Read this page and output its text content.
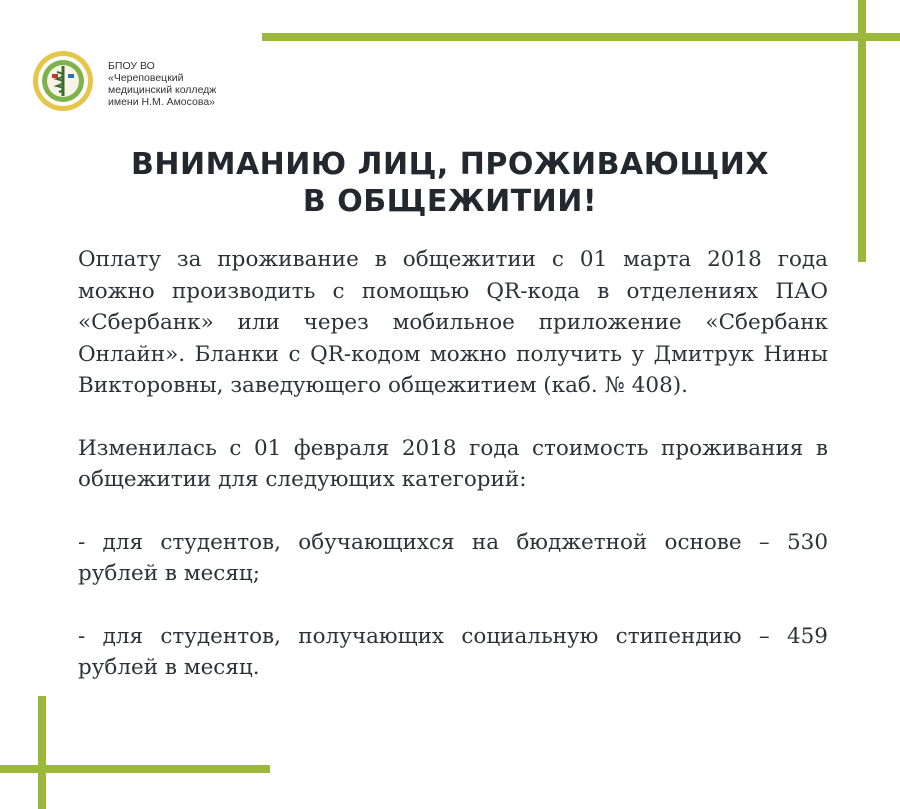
БПОУ ВО
«Череповецкий
медицинский колледж
имени Н.М. Амосова»
ВНИМАНИЮ ЛИЦ, ПРОЖИВАЮЩИХ
В ОБЩЕЖИТИИ!

Оплату за проживание в общежитии с 01 марта 2018 года можно производить с помощью QR-кода в отделениях ПАО «Сбербанк» или через мобильное приложение «Сбербанк Онлайн». Бланки с QR-кодом можно получить у Дмитрук Нины Викторовны, заведующего общежитием (каб. № 408).

Изменилась с 01 февраля 2018 года стоимость проживания в общежитии для следующих категорий:

- для студентов, обучающихся на бюджетной основе – 530 рублей в месяц;

- для студентов, получающих социальную стипендию – 459 рублей в месяц.
